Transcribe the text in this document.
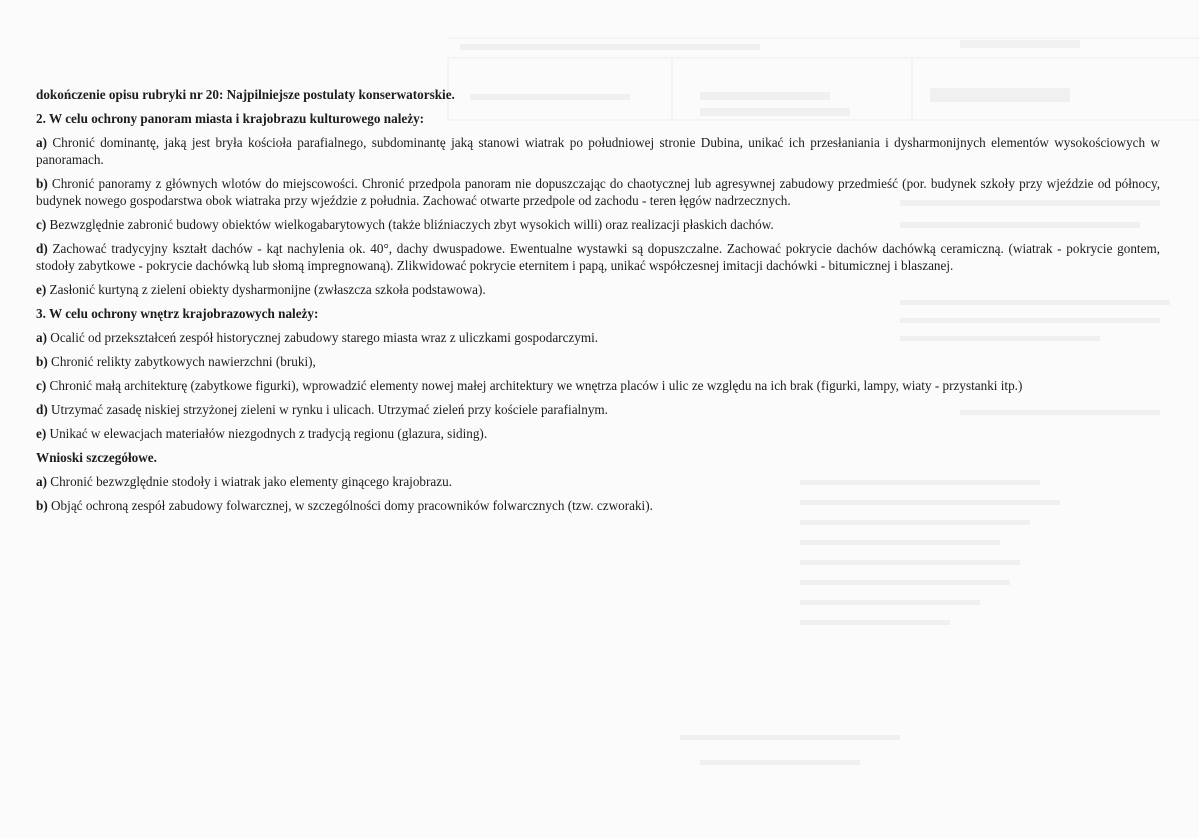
dokończenie opisu rubryki nr 20: Najpilniejsze postulaty konserwatorskie.

2. W celu ochrony panoram miasta i krajobrazu kulturowego należy:

a) Chronić dominantę, jaką jest bryła kościoła parafialnego, subdominantę jaką stanowi wiatrak po południowej stronie Dubina, unikać ich przesłaniania i dysharmonijnych elementów wysokościowych w panoramach.

b) Chronić panoramy z głównych wlotów do miejscowości. Chronić przedpola panoram nie dopuszczając do chaotycznej lub agresywnej zabudowy przedmieść (por. budynek szkoły przy wjeździe od północy, budynek nowego gospodarstwa obok wiatraka przy wjeździe z południa. Zachować otwarte przedpole od zachodu - teren łęgów nadrzecznych.

c) Bezwzględnie zabronić budowy obiektów wielkogabarytowych (także bliźniaczych zbyt wysokich willi) oraz realizacji płaskich dachów.

d) Zachować tradycyjny kształt dachów - kąt nachylenia ok. 40°, dachy dwuspadowe. Ewentualne wystawki są dopuszczalne. Zachować pokrycie dachów dachówką ceramiczną. (wiatrak - pokrycie gontem, stodoły zabytkowe - pokrycie dachówką lub słomą impregnowaną). Zlikwidować pokrycie eternitem i papą, unikać współczesnej imitacji dachówki - bitumicznej i blaszanej.

e) Zasłonić kurtyną z zieleni obiekty dysharmonijne (zwłaszcza szkoła podstawowa).

3. W celu ochrony wnętrz krajobrazowych należy:

a) Ocalić od przekształceń zespół historycznej zabudowy starego miasta wraz z uliczkami gospodarczymi.

b) Chronić relikty zabytkowych nawierzchni (bruki),

c) Chronić małą architekturę (zabytkowe figurki), wprowadzić elementy nowej małej architektury we wnętrza placów i ulic ze względu na ich brak (figurki, lampy, wiaty - przystanki itp.)

d) Utrzymać zasadę niskiej strzyżonej zieleni w rynku i ulicach. Utrzymać zieleń przy kościele parafialnym.

e) Unikać w elewacjach materiałów niezgodnych z tradycją regionu (glazura, siding).

Wnioski szczegółowe.

a) Chronić bezwzględnie stodoły i wiatrak jako elementy ginącego krajobrazu.

b) Objąć ochroną zespół zabudowy folwarcznej, w szczególności domy pracowników folwarcznych (tzw. czworaki).
